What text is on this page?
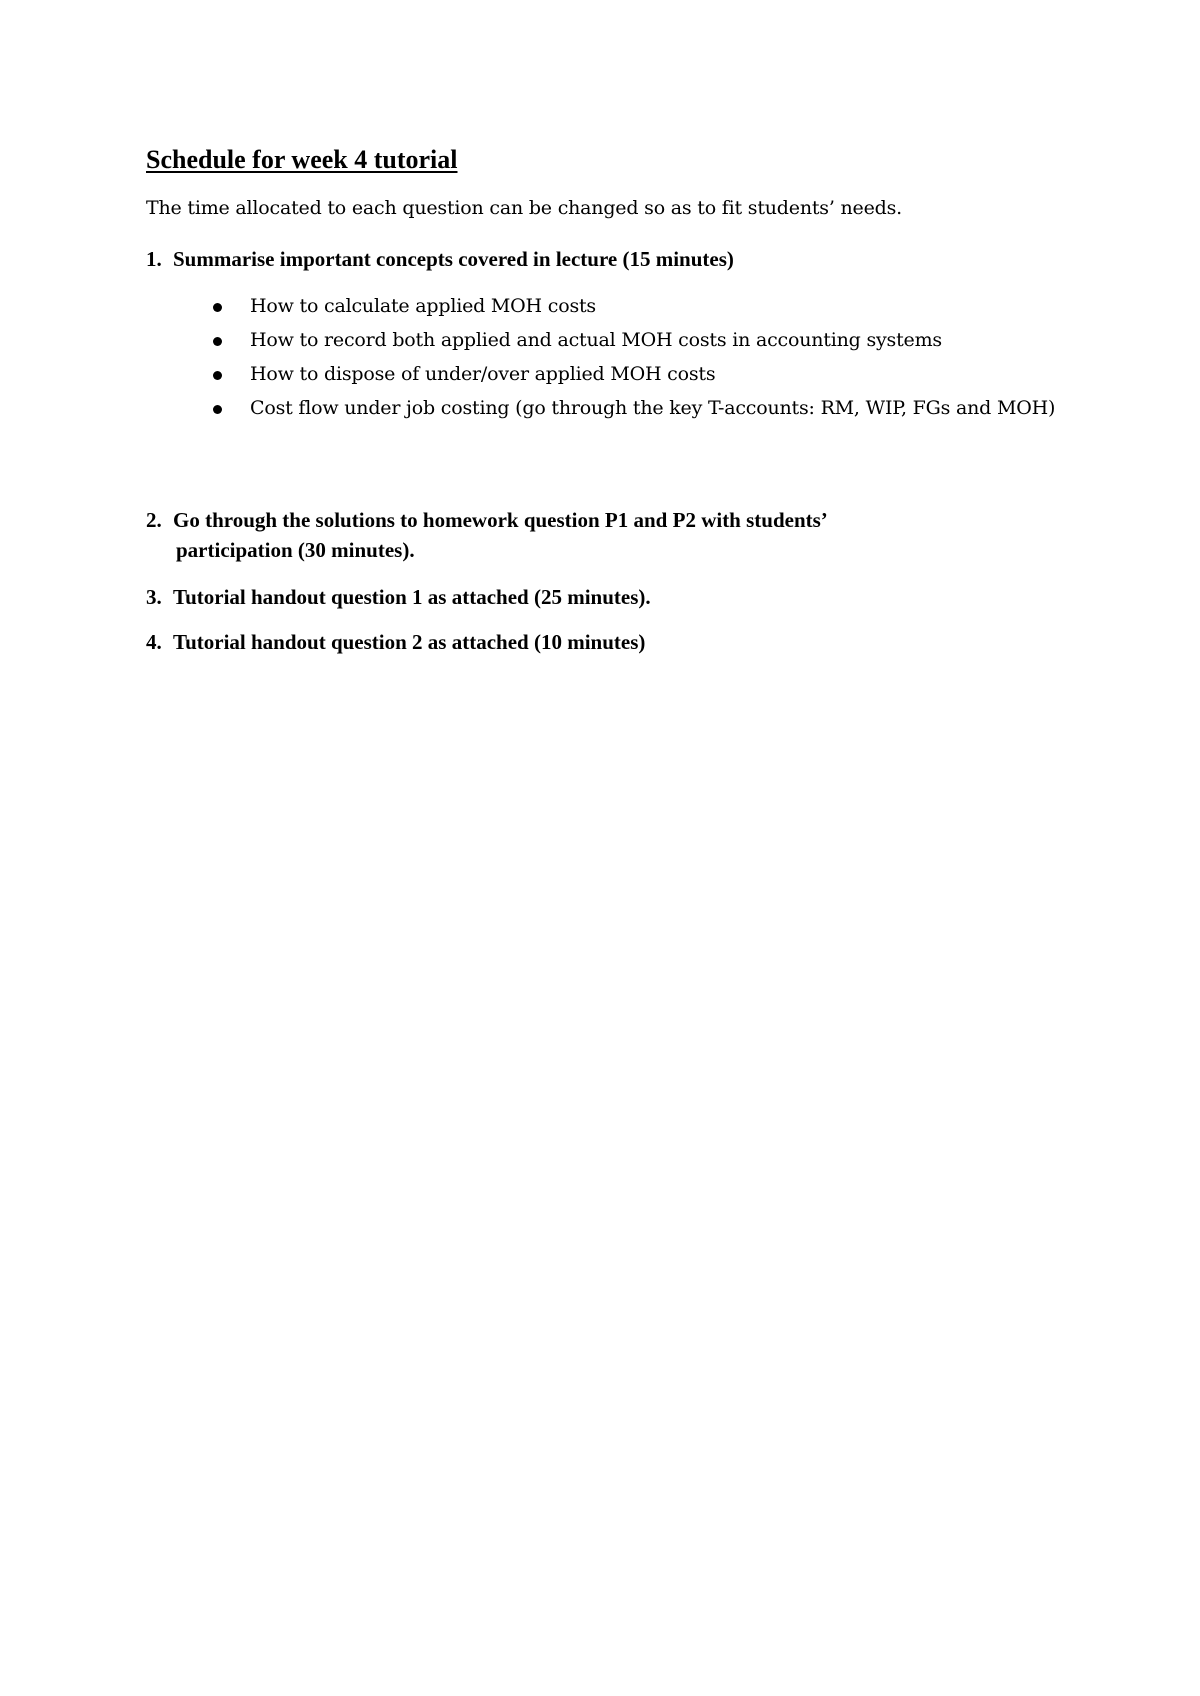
Schedule for week 4 tutorial

The time allocated to each question can be changed so as to fit students’ needs.

1. Summarise important concepts covered in lecture (15 minutes)

How to calculate applied MOH costs
How to record both applied and actual MOH costs in accounting systems
How to dispose of under/over applied MOH costs
Cost flow under job costing (go through the key T-accounts: RM, WIP, FGs and MOH)

2. Go through the solutions to homework question P1 and P2 with students’
participation (30 minutes).

3. Tutorial handout question 1 as attached (25 minutes).

4. Tutorial handout question 2 as attached (10 minutes)
